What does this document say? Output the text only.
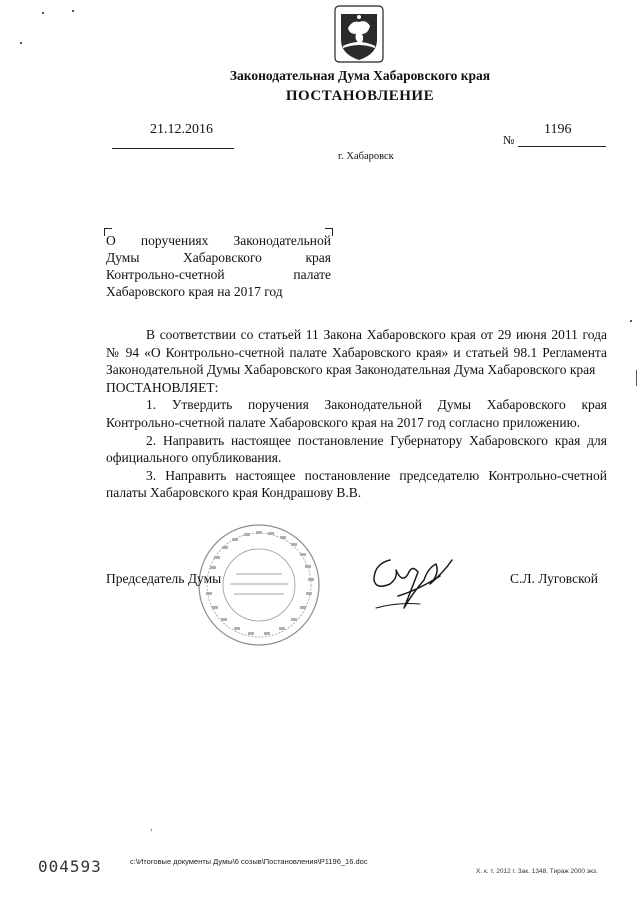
Законодательная Дума Хабаровского края
ПОСТАНОВЛЕНИЕ
21.12.2016
№
1196
г. Хабаровск
О поручениях Законодательной
Думы Хабаровского края
Контрольно-счетной палате
Хабаровского края на 2017 год
В соответствии со статьей 11 Закона Хабаровского края от 29 июня 2011 года № 94 «О Контрольно-счетной палате Хабаровского края» и статьей 98.1 Регламента Законодательной Думы Хабаровского края Законодательная Дума Хабаровского края
ПОСТАНОВЛЯЕТ:
1. Утвердить поручения Законодательной Думы Хабаровского края Контрольно-счетной палате Хабаровского края на 2017 год согласно приложению.
2. Направить настоящее постановление Губернатору Хабаровского края для официального опубликования.
3. Направить настоящее постановление председателю Контрольно-счетной палаты Хабаровского края Кондрашову В.В.
Председатель Думы	С.Л. Луговской
,
004593	с:\Итоговые документы Думы\6 созыв\Постановления\P1196_16.doc
Х. к. т. 2012 г. Зак. 1348. Тираж 2000 экз.
